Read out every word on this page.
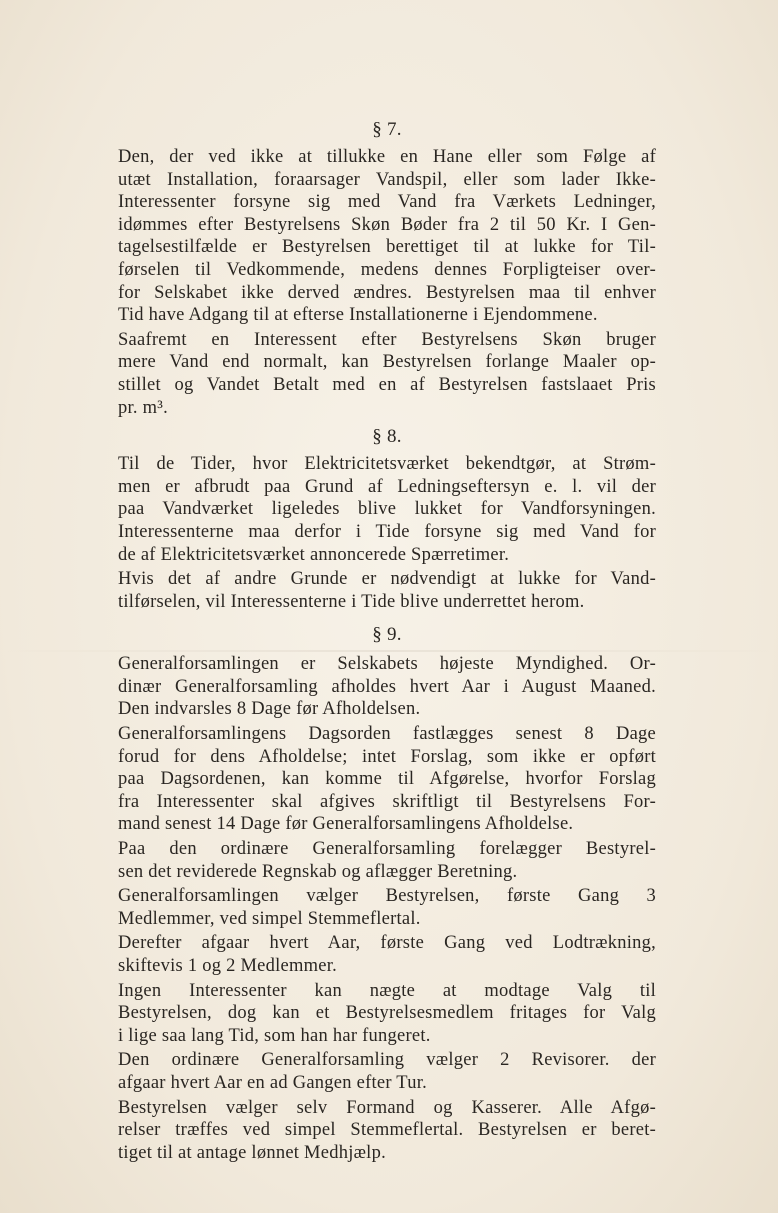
§ 7.
Den, der ved ikke at tillukke en Hane eller som Følge af
utæt Installation, foraarsager Vandspil, eller som lader Ikke-
Interessenter forsyne sig med Vand fra Værkets Ledninger,
idømmes efter Bestyrelsens Skøn Bøder fra 2 til 50 Kr. I Gen-
tagelsestilfælde er Bestyrelsen berettiget til at lukke for Til-
førselen til Vedkommende, medens dennes Forpligteiser over-
for Selskabet ikke derved ændres. Bestyrelsen maa til enhver
Tid have Adgang til at efterse Installationerne i Ejendommene.
Saafremt en Interessent efter Bestyrelsens Skøn bruger
mere Vand end normalt, kan Bestyrelsen forlange Maaler op-
stillet og Vandet Betalt med en af Bestyrelsen fastslaaet Pris
pr. m³.
§ 8.
Til de Tider, hvor Elektricitetsværket bekendtgør, at Strøm-
men er afbrudt paa Grund af Ledningseftersyn e. l. vil der
paa Vandværket ligeledes blive lukket for Vandforsyningen.
Interessenterne maa derfor i Tide forsyne sig med Vand for
de af Elektricitetsværket annoncerede Spærretimer.
Hvis det af andre Grunde er nødvendigt at lukke for Vand-
tilførselen, vil Interessenterne i Tide blive underrettet herom.
§ 9.
Generalforsamlingen er Selskabets højeste Myndighed. Or-
dinær Generalforsamling afholdes hvert Aar i August Maaned.
Den indvarsles 8 Dage før Afholdelsen.
Generalforsamlingens Dagsorden fastlægges senest 8 Dage
forud for dens Afholdelse; intet Forslag, som ikke er opført
paa Dagsordenen, kan komme til Afgørelse, hvorfor Forslag
fra Interessenter skal afgives skriftligt til Bestyrelsens For-
mand senest 14 Dage før Generalforsamlingens Afholdelse.
Paa den ordinære Generalforsamling forelægger Bestyrel-
sen det reviderede Regnskab og aflægger Beretning.
Generalforsamlingen vælger Bestyrelsen, første Gang 3
Medlemmer, ved simpel Stemmeflertal.
Derefter afgaar hvert Aar, første Gang ved Lodtrækning,
skiftevis 1 og 2 Medlemmer.
Ingen Interessenter kan nægte at modtage Valg til
Bestyrelsen, dog kan et Bestyrelsesmedlem fritages for Valg
i lige saa lang Tid, som han har fungeret.
Den ordinære Generalforsamling vælger 2 Revisorer. der
afgaar hvert Aar en ad Gangen efter Tur.
Bestyrelsen vælger selv Formand og Kasserer. Alle Afgø-
relser træffes ved simpel Stemmeflertal. Bestyrelsen er beret-
tiget til at antage lønnet Medhjælp.
